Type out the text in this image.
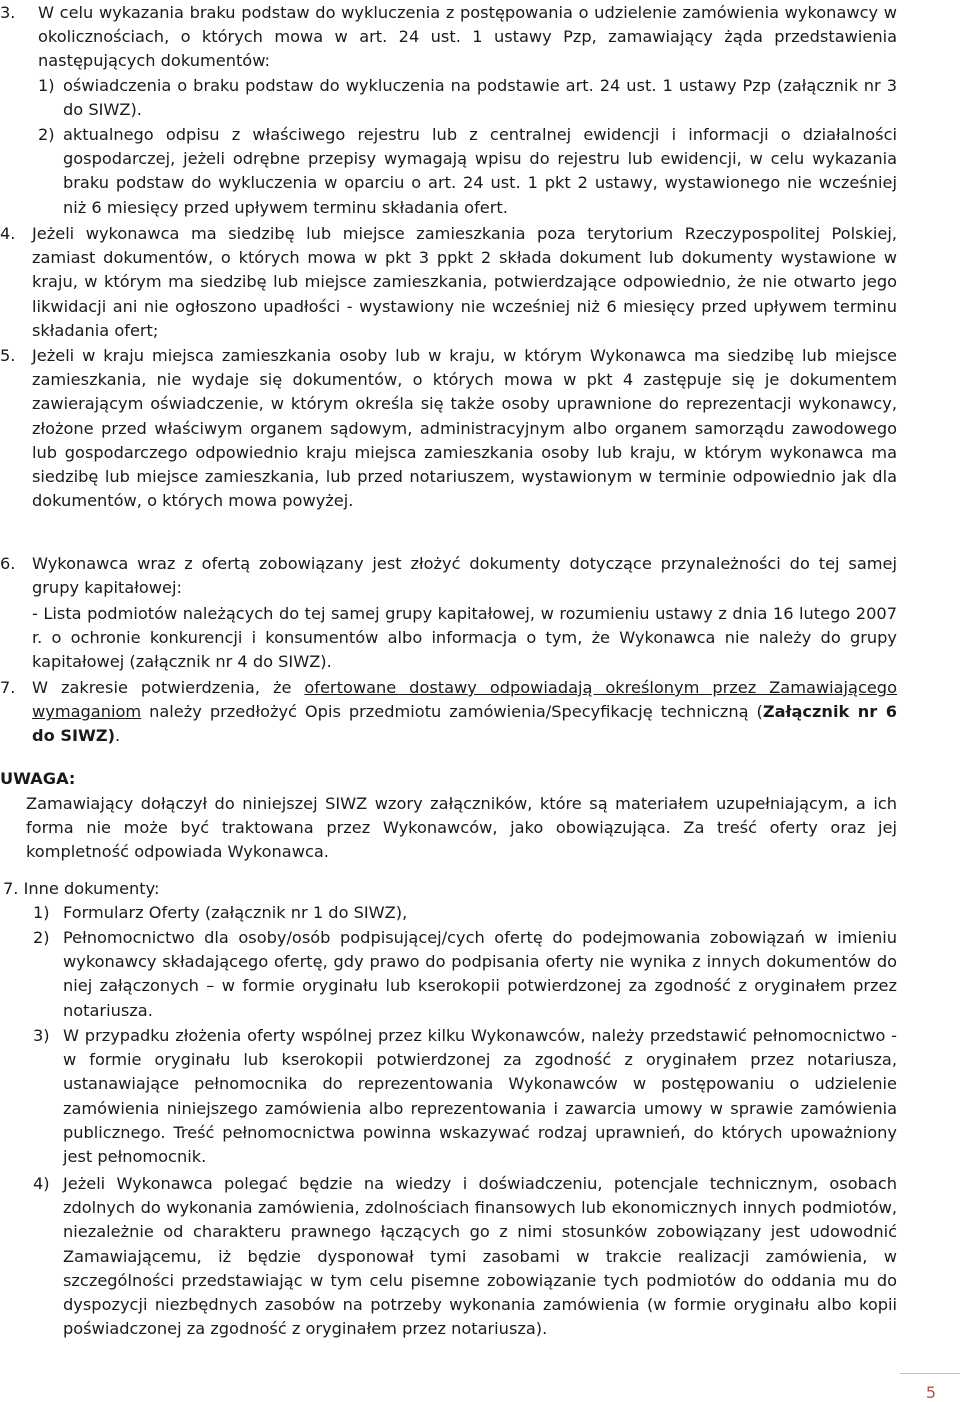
3. W celu wykazania braku podstaw do wykluczenia z postępowania o udzielenie zamówienia wykonawcy w okolicznościach, o których mowa w art. 24 ust. 1 ustawy Pzp, zamawiający żąda przedstawienia następujących dokumentów:
1) oświadczenia o braku podstaw do wykluczenia na podstawie art. 24 ust. 1 ustawy Pzp (załącznik nr 3 do SIWZ).
2) aktualnego odpisu z właściwego rejestru lub z centralnej ewidencji i informacji o działalności gospodarczej, jeżeli odrębne przepisy wymagają wpisu do rejestru lub ewidencji, w celu wykazania braku podstaw do wykluczenia w oparciu o art. 24 ust. 1 pkt 2 ustawy, wystawionego nie wcześniej niż 6 miesięcy przed upływem terminu składania ofert.
4. Jeżeli wykonawca ma siedzibę lub miejsce zamieszkania poza terytorium Rzeczypospolitej Polskiej, zamiast dokumentów, o których mowa w pkt 3 ppkt 2 składa dokument lub dokumenty wystawione w kraju, w którym ma siedzibę lub miejsce zamieszkania, potwierdzające odpowiednio, że nie otwarto jego likwidacji ani nie ogłoszono upadłości - wystawiony nie wcześniej niż 6 miesięcy przed upływem terminu składania ofert;
5. Jeżeli w kraju miejsca zamieszkania osoby lub w kraju, w którym Wykonawca ma siedzibę lub miejsce zamieszkania, nie wydaje się dokumentów, o których mowa w pkt 4 zastępuje się je dokumentem zawierającym oświadczenie, w którym określa się także osoby uprawnione do reprezentacji wykonawcy, złożone przed właściwym organem sądowym, administracyjnym albo organem samorządu zawodowego lub gospodarczego odpowiednio kraju miejsca zamieszkania osoby lub kraju, w którym wykonawca ma siedzibę lub miejsce zamieszkania, lub przed notariuszem, wystawionym w terminie odpowiednio jak dla dokumentów, o których mowa powyżej.
6. Wykonawca wraz z ofertą zobowiązany jest złożyć dokumenty dotyczące przynależności do tej samej grupy kapitałowej:
- Lista podmiotów należących do tej samej grupy kapitałowej, w rozumieniu ustawy z dnia 16 lutego 2007 r. o ochronie konkurencji i konsumentów albo informacja o tym, że Wykonawca nie należy do grupy kapitałowej (załącznik nr 4 do SIWZ).
7. W zakresie potwierdzenia, że ofertowane dostawy odpowiadają określonym przez Zamawiającego wymaganiom należy przedłożyć Opis przedmiotu zamówienia/Specyfikację techniczną (Załącznik nr 6 do SIWZ).
UWAGA:
Zamawiający dołączył do niniejszej SIWZ wzory załączników, które są materiałem uzupełniającym, a ich forma nie może być traktowana przez Wykonawców, jako obowiązująca. Za treść oferty oraz jej kompletność odpowiada Wykonawca.
7. Inne dokumenty:
1) Formularz Oferty (załącznik nr 1 do SIWZ),
2) Pełnomocnictwo dla osoby/osób podpisującej/cych ofertę do podejmowania zobowiązań w imieniu wykonawcy składającego ofertę, gdy prawo do podpisania oferty nie wynika z innych dokumentów do niej załączonych – w formie oryginału lub kserokopii potwierdzonej za zgodność z oryginałem przez notariusza.
3) W przypadku złożenia oferty wspólnej przez kilku Wykonawców, należy przedstawić pełnomocnictwo - w formie oryginału lub kserokopii potwierdzonej za zgodność z oryginałem przez notariusza, ustanawiające pełnomocnika do reprezentowania Wykonawców w postępowaniu o udzielenie zamówienia niniejszego zamówienia albo reprezentowania i zawarcia umowy w sprawie zamówienia publicznego. Treść pełnomocnictwa powinna wskazywać rodzaj uprawnień, do których upoważniony jest pełnomocnik.
4) Jeżeli Wykonawca polegać będzie na wiedzy i doświadczeniu, potencjale technicznym, osobach zdolnych do wykonania zamówienia, zdolnościach finansowych lub ekonomicznych innych podmiotów, niezależnie od charakteru prawnego łączących go z nimi stosunków zobowiązany jest udowodnić Zamawiającemu, iż będzie dysponował tymi zasobami w trakcie realizacji zamówienia, w szczególności przedstawiając w tym celu pisemne zobowiązanie tych podmiotów do oddania mu do dyspozycji niezbędnych zasobów na potrzeby wykonania zamówienia (w formie oryginału albo kopii poświadczonej za zgodność z oryginałem przez notariusza).
5
